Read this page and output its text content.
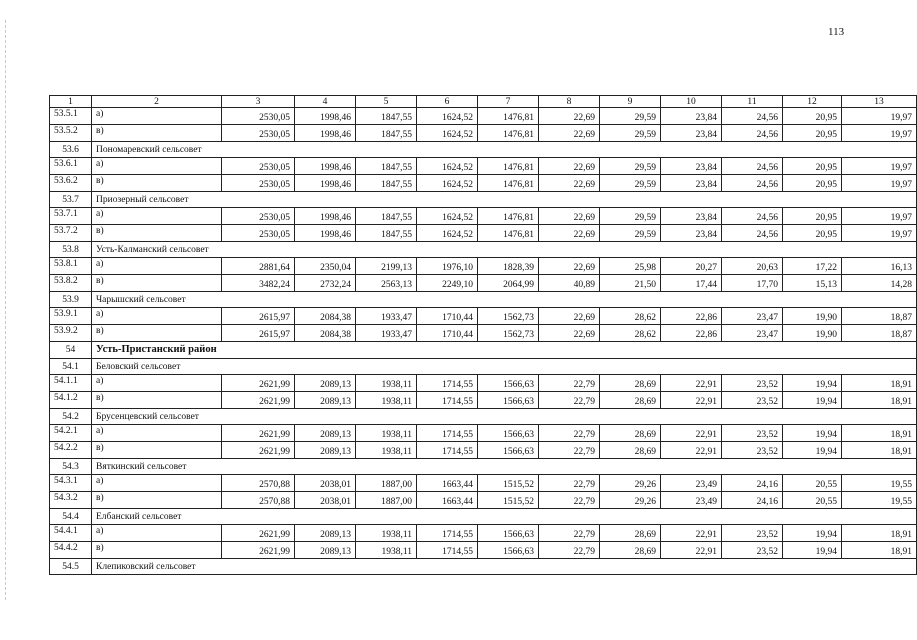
113
1	2	3	4	5	6	7	8	9	10	11	12	13
53.5.1	а)	2530,05	1998,46	1847,55	1624,52	1476,81	22,69	29,59	23,84	24,56	20,95	19,97
53.5.2	в)	2530,05	1998,46	1847,55	1624,52	1476,81	22,69	29,59	23,84	24,56	20,95	19,97
53.6	Пономаревский сельсовет											
53.6.1	а)	2530,05	1998,46	1847,55	1624,52	1476,81	22,69	29,59	23,84	24,56	20,95	19,97
53.6.2	в)	2530,05	1998,46	1847,55	1624,52	1476,81	22,69	29,59	23,84	24,56	20,95	19,97
53.7	Приозерный сельсовет											
53.7.1	а)	2530,05	1998,46	1847,55	1624,52	1476,81	22,69	29,59	23,84	24,56	20,95	19,97
53.7.2	в)	2530,05	1998,46	1847,55	1624,52	1476,81	22,69	29,59	23,84	24,56	20,95	19,97
53.8	Усть-Калманский сельсовет											
53.8.1	а)	2881,64	2350,04	2199,13	1976,10	1828,39	22,69	25,98	20,27	20,63	17,22	16,13
53.8.2	в)	3482,24	2732,24	2563,13	2249,10	2064,99	40,89	21,50	17,44	17,70	15,13	14,28
53.9	Чарышский сельсовет											
53.9.1	а)	2615,97	2084,38	1933,47	1710,44	1562,73	22,69	28,62	22,86	23,47	19,90	18,87
53.9.2	в)	2615,97	2084,38	1933,47	1710,44	1562,73	22,69	28,62	22,86	23,47	19,90	18,87
54	Усть-Пристанский район											
54.1	Беловский сельсовет											
54.1.1	а)	2621,99	2089,13	1938,11	1714,55	1566,63	22,79	28,69	22,91	23,52	19,94	18,91
54.1.2	в)	2621,99	2089,13	1938,11	1714,55	1566,63	22,79	28,69	22,91	23,52	19,94	18,91
54.2	Брусенцевский сельсовет											
54.2.1	а)	2621,99	2089,13	1938,11	1714,55	1566,63	22,79	28,69	22,91	23,52	19,94	18,91
54.2.2	в)	2621,99	2089,13	1938,11	1714,55	1566,63	22,79	28,69	22,91	23,52	19,94	18,91
54.3	Вяткинский сельсовет											
54.3.1	а)	2570,88	2038,01	1887,00	1663,44	1515,52	22,79	29,26	23,49	24,16	20,55	19,55
54.3.2	в)	2570,88	2038,01	1887,00	1663,44	1515,52	22,79	29,26	23,49	24,16	20,55	19,55
54.4	Елбанский сельсовет											
54.4.1	а)	2621,99	2089,13	1938,11	1714,55	1566,63	22,79	28,69	22,91	23,52	19,94	18,91
54.4.2	в)	2621,99	2089,13	1938,11	1714,55	1566,63	22,79	28,69	22,91	23,52	19,94	18,91
54.5	Клепиковский сельсовет											
